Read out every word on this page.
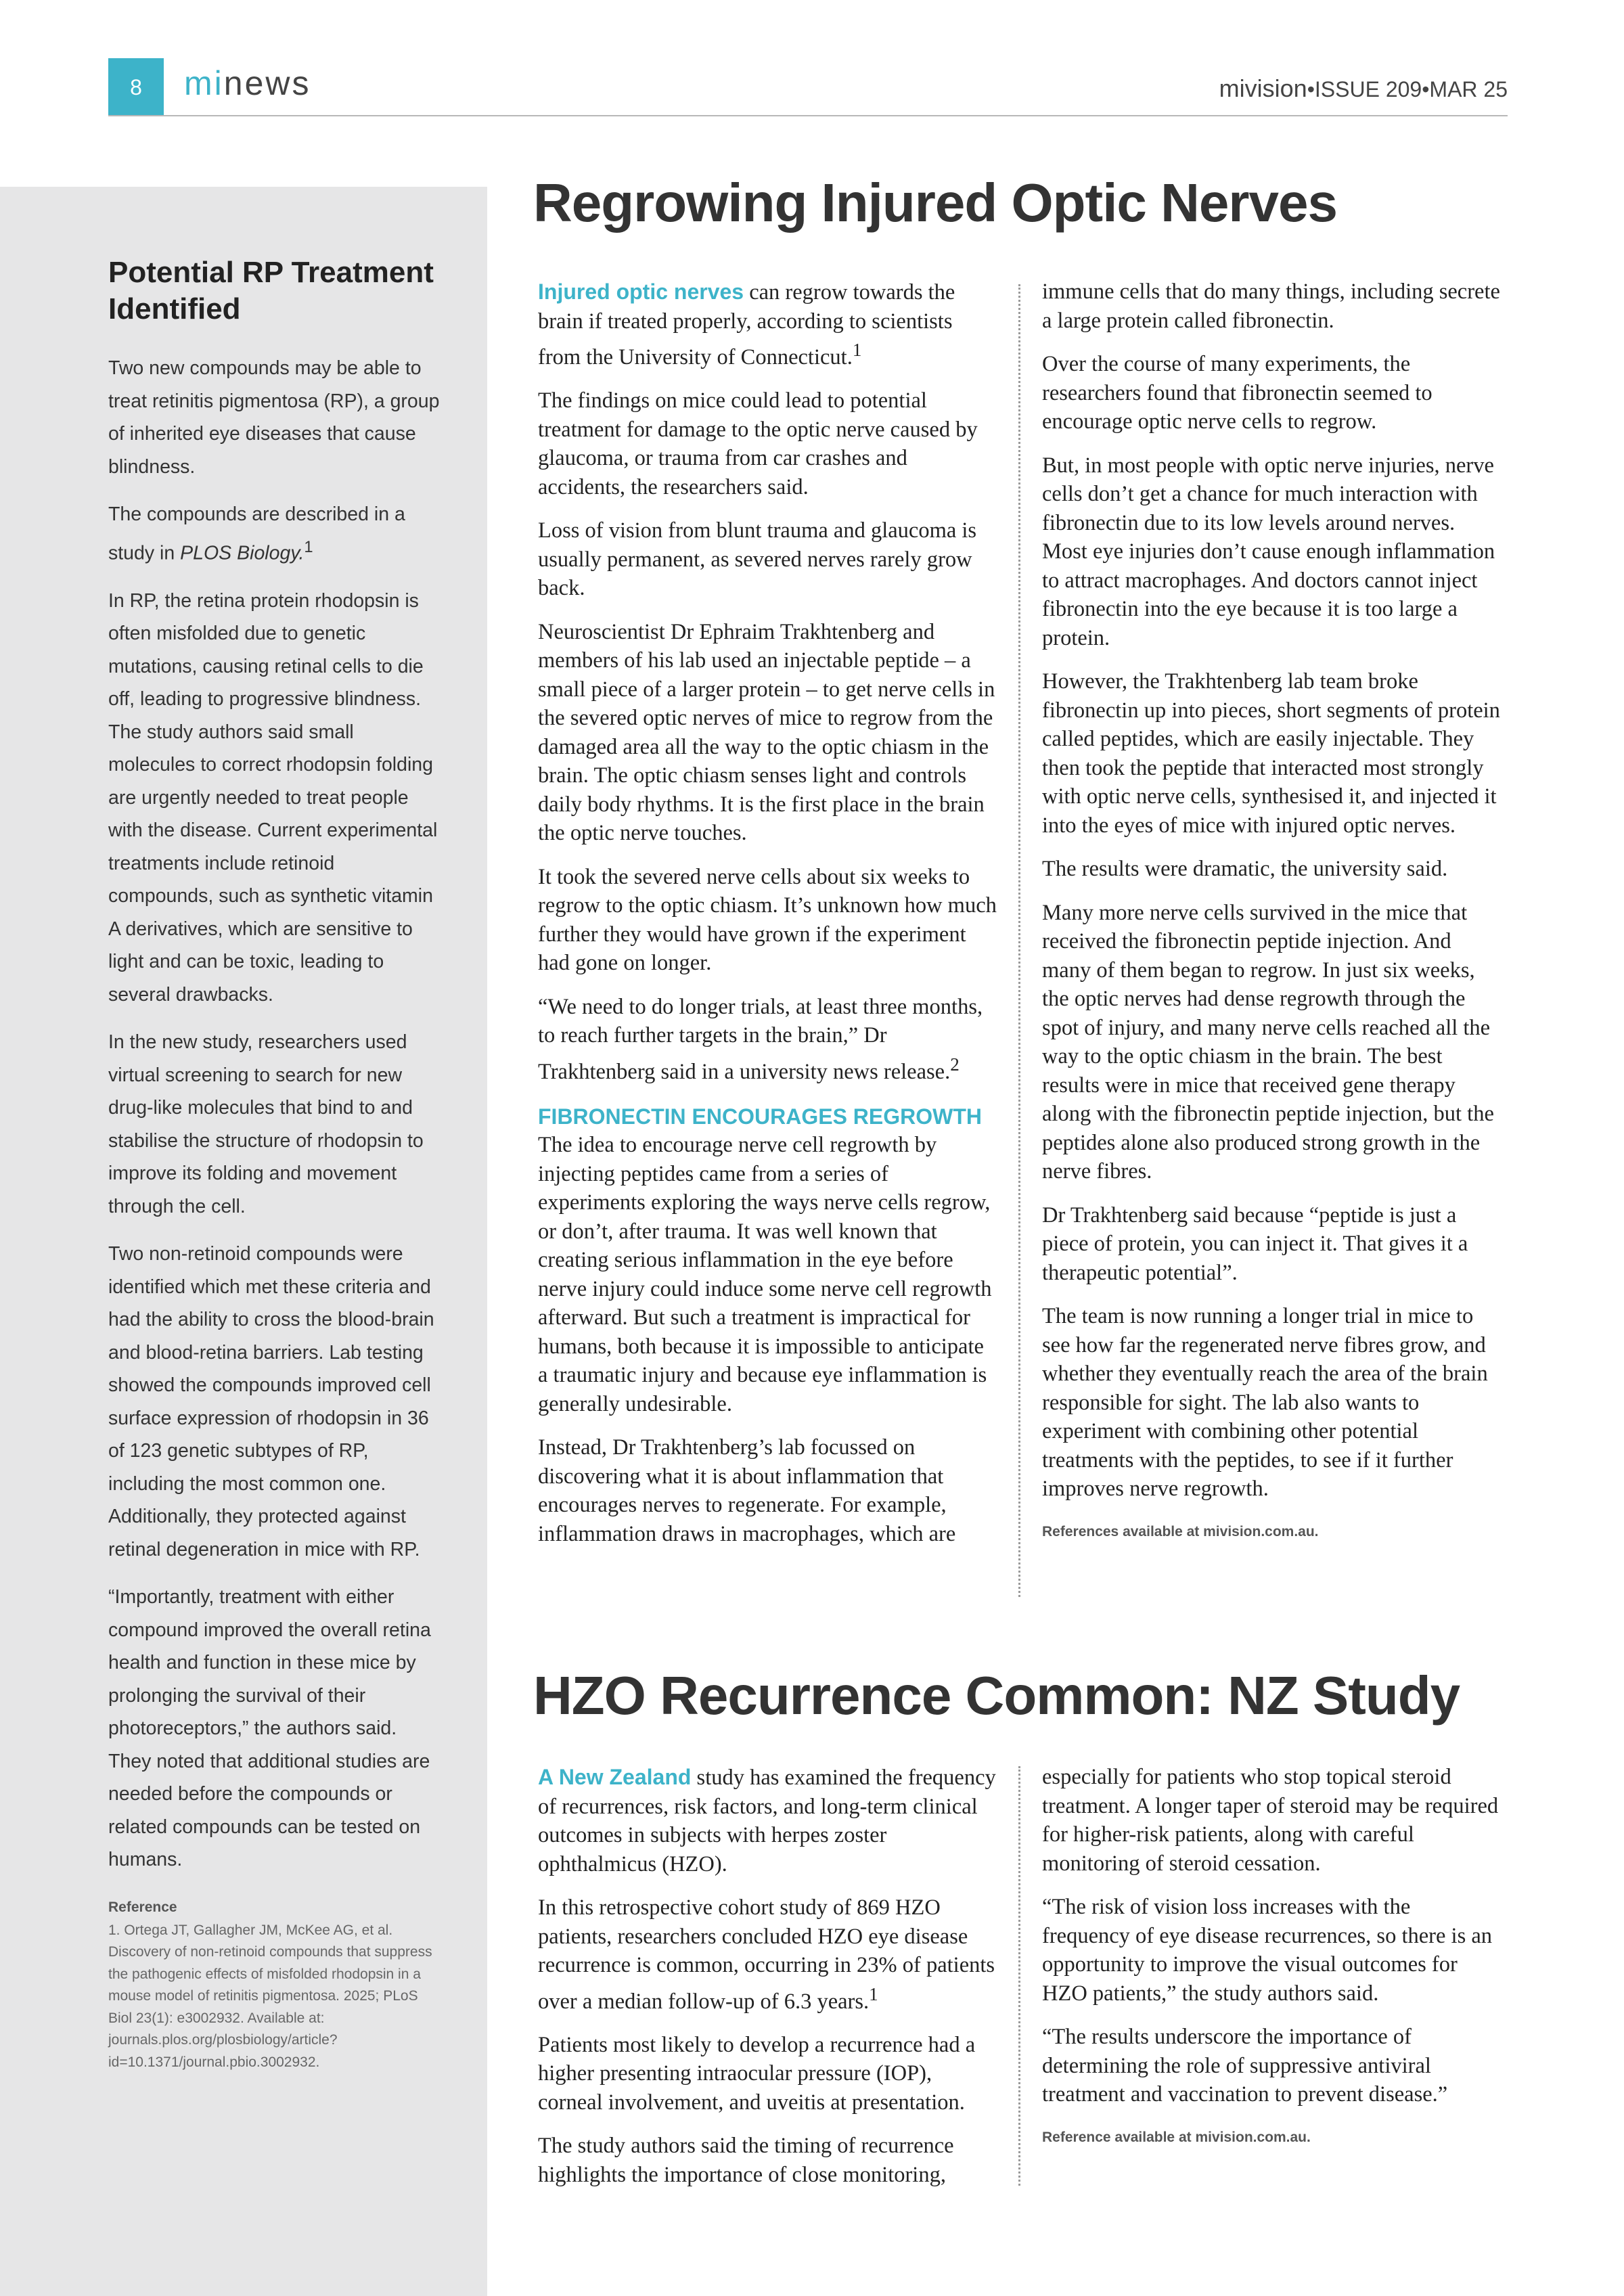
8	minews	mivision•ISSUE 209•MAR 25
Potential RP Treatment Identified

Two new compounds may be able to treat retinitis pigmentosa (RP), a group of inherited eye diseases that cause blindness.

The compounds are described in a study in PLOS Biology.$^1$

In RP, the retina protein rhodopsin is often misfolded due to genetic mutations, causing retinal cells to die off, leading to progressive blindness. The study authors said small molecules to correct rhodopsin folding are urgently needed to treat people with the disease. Current experimental treatments include retinoid compounds, such as synthetic vitamin A derivatives, which are sensitive to light and can be toxic, leading to several drawbacks.

In the new study, researchers used virtual screening to search for new drug-like molecules that bind to and stabilise the structure of rhodopsin to improve its folding and movement through the cell.

Two non-retinoid compounds were identified which met these criteria and had the ability to cross the blood-brain and blood-retina barriers. Lab testing showed the compounds improved cell surface expression of rhodopsin in 36 of 123 genetic subtypes of RP, including the most common one. Additionally, they protected against retinal degeneration in mice with RP.

“Importantly, treatment with either compound improved the overall retina health and function in these mice by prolonging the survival of their photoreceptors,” the authors said. They noted that additional studies are needed before the compounds or related compounds can be tested on humans.

Reference

1. Ortega JT, Gallagher JM, McKee AG, et al. Discovery of non-retinoid compounds that suppress the pathogenic effects of misfolded rhodopsin in a mouse model of retinitis pigmentosa. 2025; PLoS Biol 23(1): e3002932. Available at: journals.plos.org/plosbiology/article?id=10.1371/journal.pbio.3002932.

Regrowing Injured Optic Nerves

Injured optic nerves can regrow towards the brain if treated properly, according to scientists from the University of Connecticut.$^1$

The findings on mice could lead to potential treatment for damage to the optic nerve caused by glaucoma, or trauma from car crashes and accidents, the researchers said.

Loss of vision from blunt trauma and glaucoma is usually permanent, as severed nerves rarely grow back.

Neuroscientist Dr Ephraim Trakhtenberg and members of his lab used an injectable peptide – a small piece of a larger protein – to get nerve cells in the severed optic nerves of mice to regrow from the damaged area all the way to the optic chiasm in the brain. The optic chiasm senses light and controls daily body rhythms. It is the first place in the brain the optic nerve touches.

It took the severed nerve cells about six weeks to regrow to the optic chiasm. It’s unknown how much further they would have grown if the experiment had gone on longer.

“We need to do longer trials, at least three months, to reach further targets in the brain,” Dr Trakhtenberg said in a university news release.$^2$

FIBRONECTIN ENCOURAGES REGROWTH

The idea to encourage nerve cell regrowth by injecting peptides came from a series of experiments exploring the ways nerve cells regrow, or don’t, after trauma. It was well known that creating serious inflammation in the eye before nerve injury could induce some nerve cell regrowth afterward. But such a treatment is impractical for humans, both because it is impossible to anticipate a traumatic injury and because eye inflammation is generally undesirable.

Instead, Dr Trakhtenberg’s lab focussed on discovering what it is about inflammation that encourages nerves to regenerate. For example, inflammation draws in macrophages, which are

immune cells that do many things, including secrete a large protein called fibronectin.

Over the course of many experiments, the researchers found that fibronectin seemed to encourage optic nerve cells to regrow.

But, in most people with optic nerve injuries, nerve cells don’t get a chance for much interaction with fibronectin due to its low levels around nerves. Most eye injuries don’t cause enough inflammation to attract macrophages. And doctors cannot inject fibronectin into the eye because it is too large a protein.

However, the Trakhtenberg lab team broke fibronectin up into pieces, short segments of protein called peptides, which are easily injectable. They then took the peptide that interacted most strongly with optic nerve cells, synthesised it, and injected it into the eyes of mice with injured optic nerves.

The results were dramatic, the university said.

Many more nerve cells survived in the mice that received the fibronectin peptide injection. And many of them began to regrow. In just six weeks, the optic nerves had dense regrowth through the spot of injury, and many nerve cells reached all the way to the optic chiasm in the brain. The best results were in mice that received gene therapy along with the fibronectin peptide injection, but the peptides alone also produced strong growth in the nerve fibres.

Dr Trakhtenberg said because “peptide is just a piece of protein, you can inject it. That gives it a therapeutic potential”.

The team is now running a longer trial in mice to see how far the regenerated nerve fibres grow, and whether they eventually reach the area of the brain responsible for sight. The lab also wants to experiment with combining other potential treatments with the peptides, to see if it further improves nerve regrowth.

References available at mivision.com.au.
HZO Recurrence Common: NZ Study

A New Zealand study has examined the frequency of recurrences, risk factors, and long-term clinical outcomes in subjects with herpes zoster ophthalmicus (HZO).

In this retrospective cohort study of 869 HZO patients, researchers concluded HZO eye disease recurrence is common, occurring in 23% of patients over a median follow-up of 6.3 years.$^1$

Patients most likely to develop a recurrence had a higher presenting intraocular pressure (IOP), corneal involvement, and uveitis at presentation.

The study authors said the timing of recurrence highlights the importance of close monitoring,

especially for patients who stop topical steroid treatment. A longer taper of steroid may be required for higher-risk patients, along with careful monitoring of steroid cessation.

“The risk of vision loss increases with the frequency of eye disease recurrences, so there is an opportunity to improve the visual outcomes for HZO patients,” the study authors said.

“The results underscore the importance of determining the role of suppressive antiviral treatment and vaccination to prevent disease.”

Reference available at mivision.com.au.
